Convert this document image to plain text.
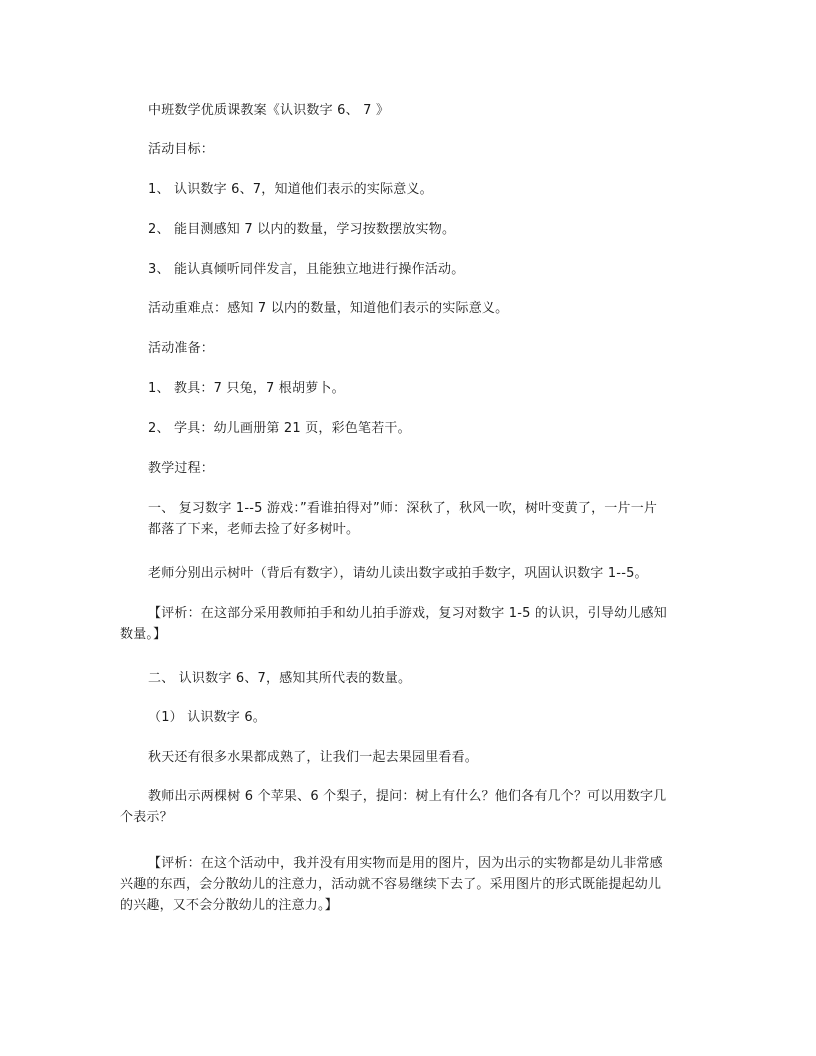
中班数学优质课教案《认识数字 6、 7 》
活动目标：
1、 认识数字 6、7，知道他们表示的实际意义。
2、 能目测感知 7 以内的数量，学习按数摆放实物。
3、 能认真倾听同伴发言，且能独立地进行操作活动。
活动重难点：感知 7 以内的数量，知道他们表示的实际意义。
活动准备：
1、 教具：7 只兔，7 根胡萝卜。
2、 学具：幼儿画册第 21 页，彩色笔若干。
教学过程：
一、 复习数字 1--5 游戏：”看谁拍得对”师：深秋了，秋风一吹，树叶变黄了，一片一片都落了下来，老师去捡了好多树叶。
老师分别出示树叶（背后有数字），请幼儿读出数字或拍手数字，巩固认识数字 1--5。
【评析：在这部分采用教师拍手和幼儿拍手游戏，复习对数字 1-5 的认识，引导幼儿感知数量。】
二、 认识数字 6、7，感知其所代表的数量。
（1） 认识数字 6。
秋天还有很多水果都成熟了，让我们一起去果园里看看。
教师出示两棵树 6 个苹果、6 个梨子，提问：树上有什么？他们各有几个？可以用数字几个表示？
【评析：在这个活动中，我并没有用实物而是用的图片，因为出示的实物都是幼儿非常感兴趣的东西，会分散幼儿的注意力，活动就不容易继续下去了。采用图片的形式既能提起幼儿的兴趣，又不会分散幼儿的注意力。】
